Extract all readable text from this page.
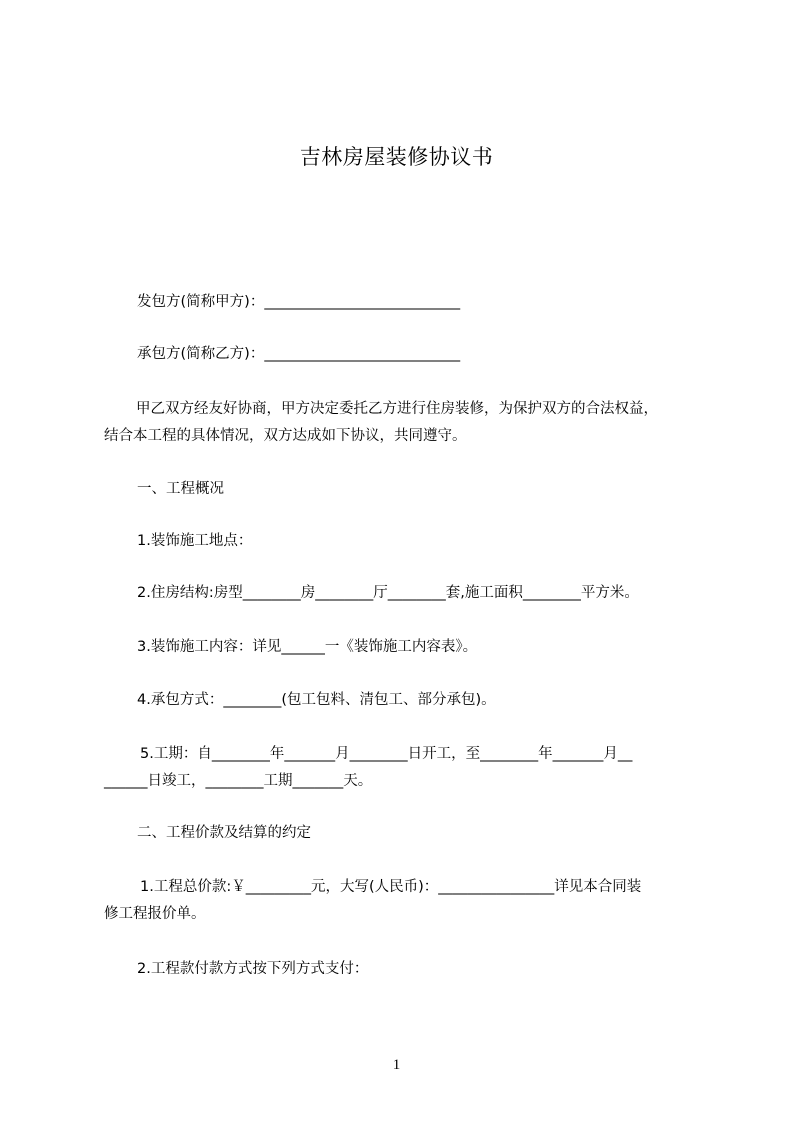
吉林房屋装修协议书
发包方(简称甲方)：___________________________
承包方(简称乙方)：___________________________
甲乙双方经友好协商，甲方决定委托乙方进行住房装修，为保护双方的合法权益，
结合本工程的具体情况，双方达成如下协议，共同遵守。
一、工程概况
1.装饰施工地点：
2.住房结构:房型________房________厅________套,施工面积________平方米。
3.装饰施工内容：详见______一《装饰施工内容表》。
4.承包方式：________(包工包料、清包工、部分承包)。
5.工期：自________年_______月________日开工，至________年_______月__
______日竣工，________工期_______天。
二、工程价款及结算的约定
1.工程总价款:￥_________元，大写(人民币)：________________详见本合同装
修工程报价单。
2.工程款付款方式按下列方式支付：
1
